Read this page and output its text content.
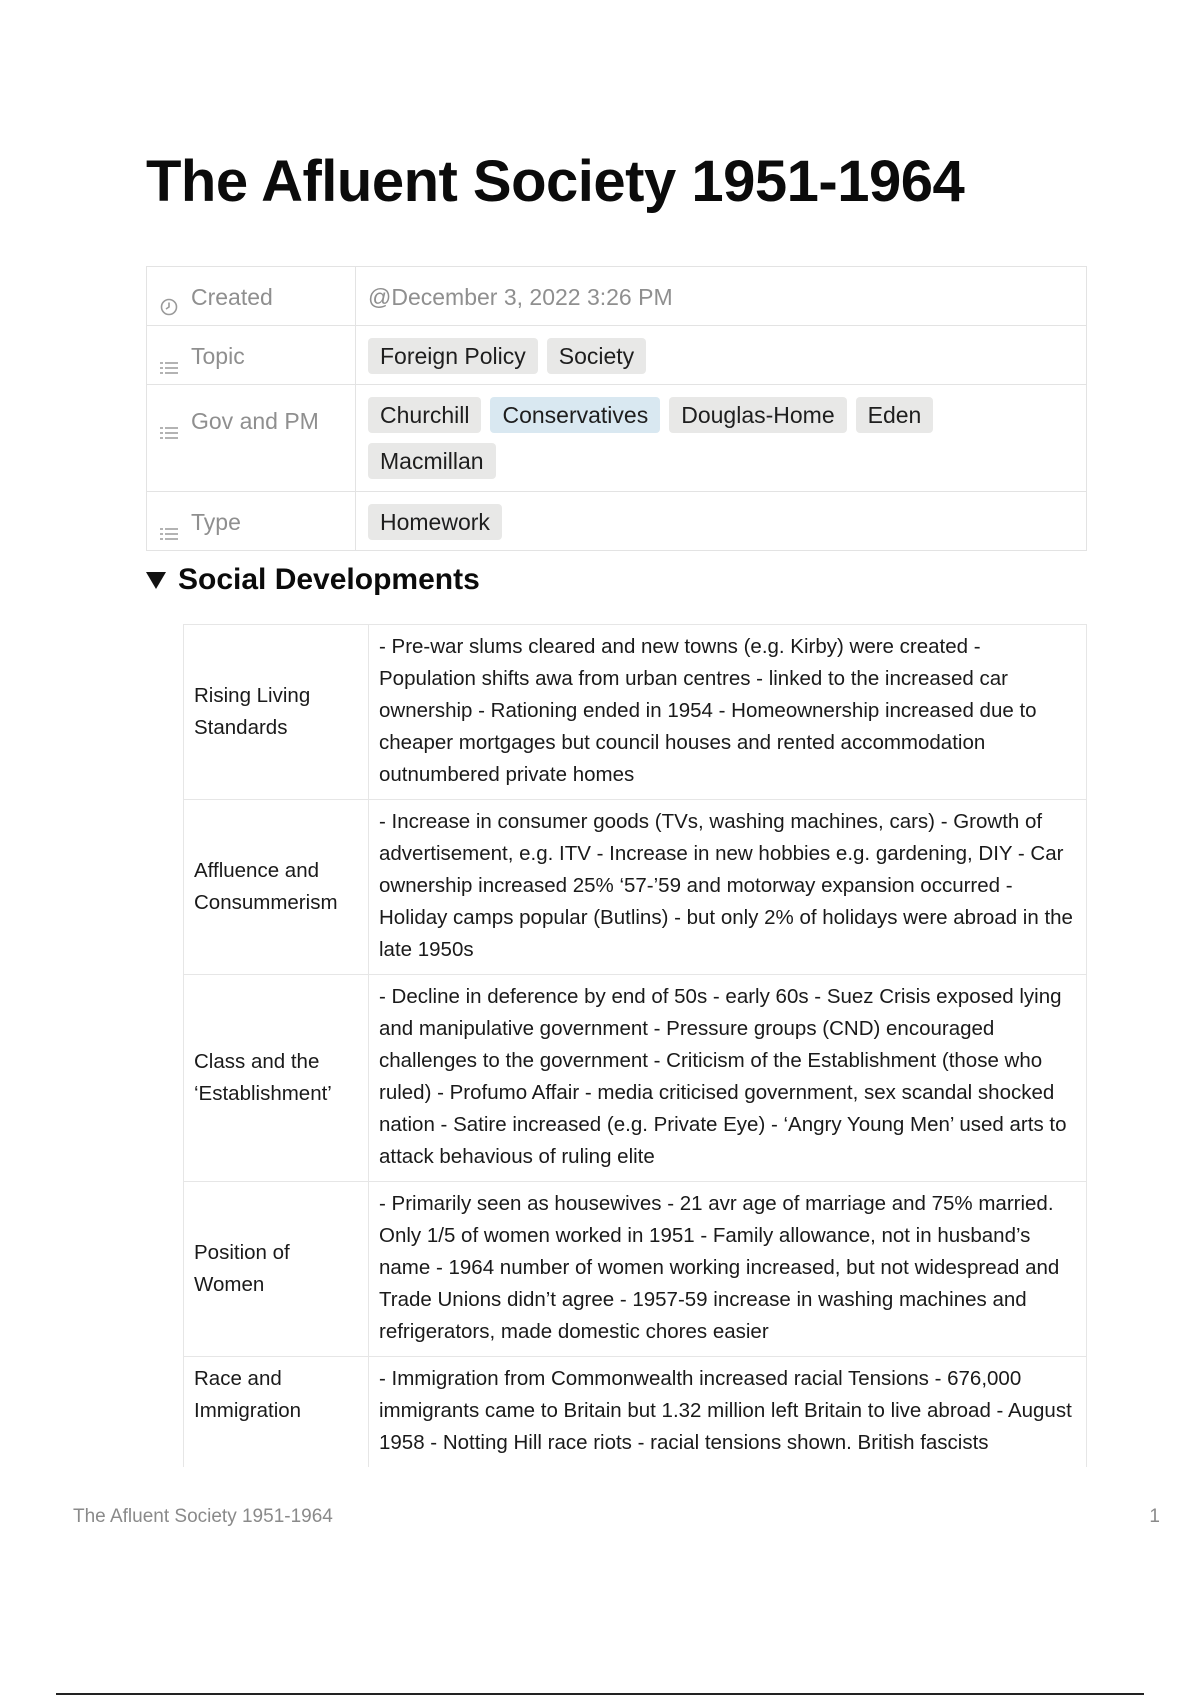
The Afluent Society 1951-1964
Created	@December 3, 2022 3:26 PM
Topic	Foreign Policy Society
Gov and PM	Churchill Conservatives Douglas-Home EdenMacmillan
Type	Homework
Social Developments
Rising Living Standards	- Pre-war slums cleared and new towns (e.g. Kirby) were created - Population shifts awa from urban centres - linked to the increased car ownership - Rationing ended in 1954 - Homeownership increased due to cheaper mortgages but council houses and rented accommodation outnumbered private homes
Affluence and Consummerism	- Increase in consumer goods (TVs, washing machines, cars) - Growth of advertisement, e.g. ITV - Increase in new hobbies e.g. gardening, DIY - Car ownership increased 25% ‘57-’59 and motorway expansion occurred - Holiday camps popular (Butlins) - but only 2% of holidays were abroad in the late 1950s
Class and the ‘Establishment’	- Decline in deference by end of 50s - early 60s - Suez Crisis exposed lying and manipulative government - Pressure groups (CND) encouraged challenges to the government - Criticism of the Establishment (those who ruled) - Profumo Affair - media criticised government, sex scandal shocked nation - Satire increased (e.g. Private Eye) - ‘Angry Young Men’ used arts to attack behavious of ruling elite
Position of Women	- Primarily seen as housewives - 21 avr age of marriage and 75% married. Only 1/5 of women worked in 1951 - Family allowance, not in husband’s name - 1964 number of women working increased, but not widespread and Trade Unions didn’t agree - 1957-59 increase in washing machines and refrigerators, made domestic chores easier
Race and Immigration	- Immigration from Commonwealth increased racial Tensions - 676,000 immigrants came to Britain but 1.32 million left Britain to live abroad - August 1958 - Notting Hill race riots - racial tensions shown. British fascists
The Afluent Society 1951-1964	1
